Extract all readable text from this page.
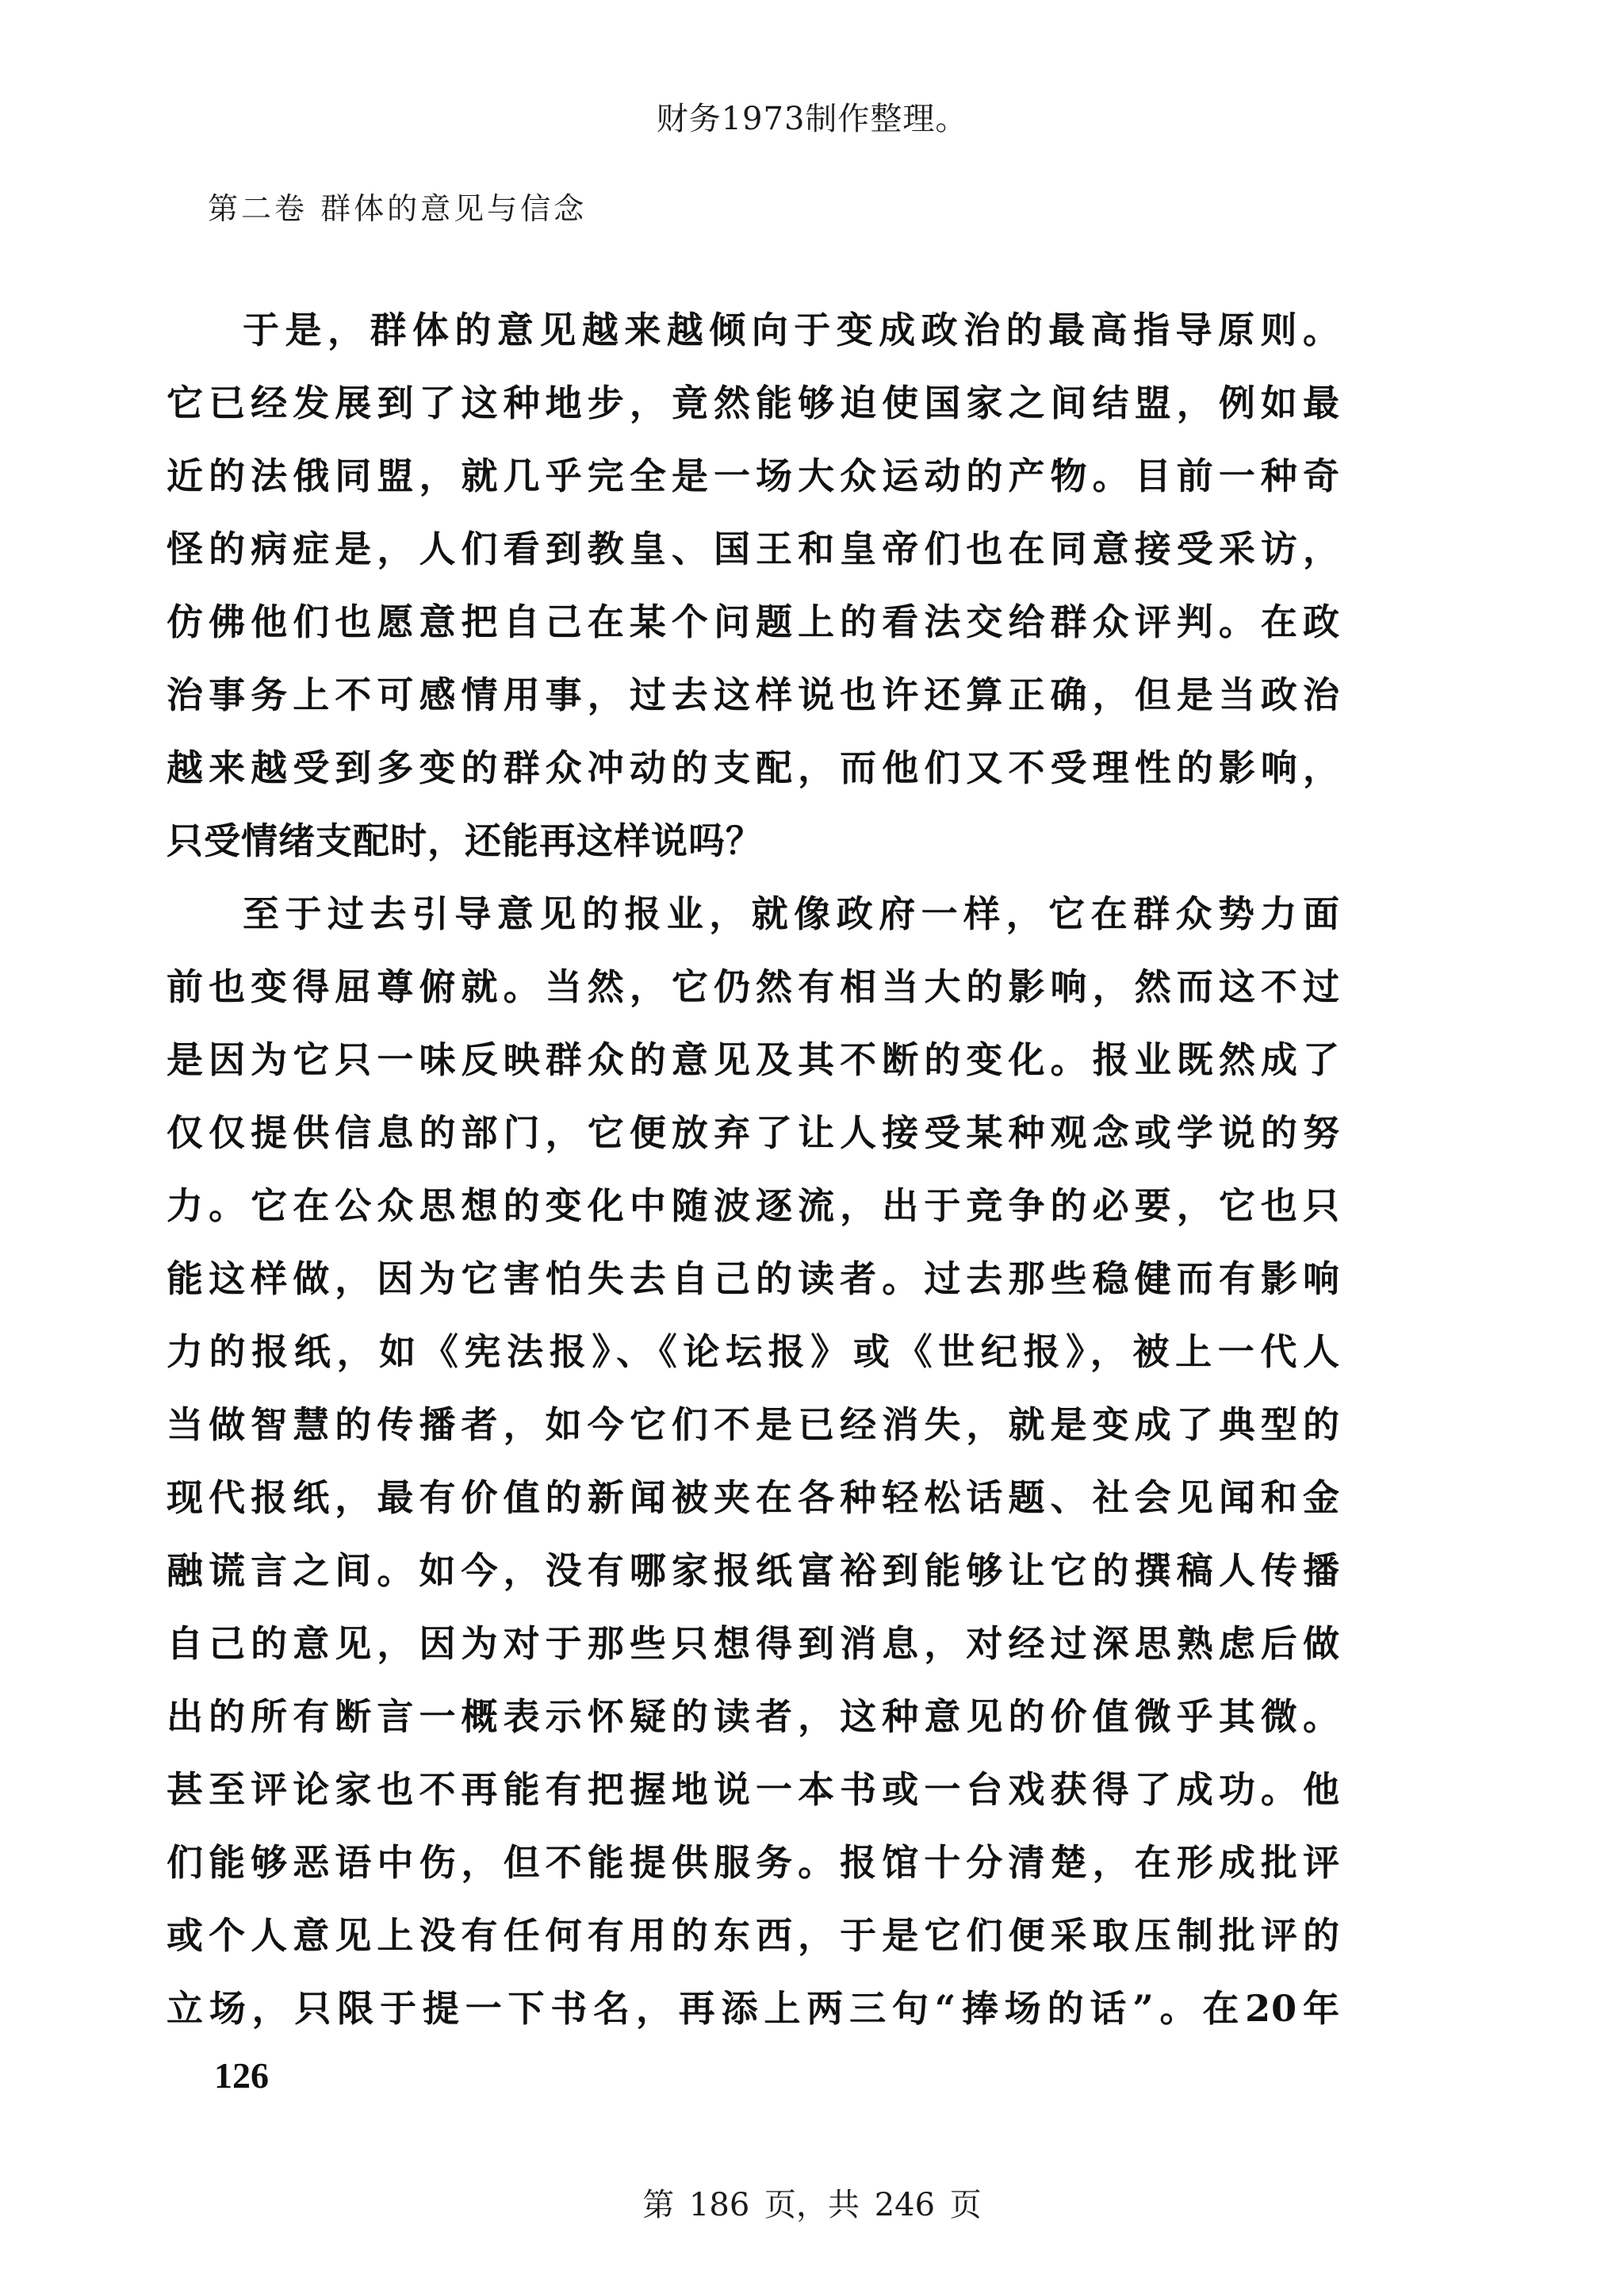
财务1973制作整理。
第二卷 群体的意见与信念
于是，群体的意见越来越倾向于变成政治的最高指导原则。
它已经发展到了这种地步，竟然能够迫使国家之间结盟，例如最
近的法俄同盟，就几乎完全是一场大众运动的产物。目前一种奇
怪的病症是，人们看到教皇、国王和皇帝们也在同意接受采访，
仿佛他们也愿意把自己在某个问题上的看法交给群众评判。在政
治事务上不可感情用事，过去这样说也许还算正确，但是当政治
越来越受到多变的群众冲动的支配，而他们又不受理性的影响，
只受情绪支配时，还能再这样说吗？
至于过去引导意见的报业，就像政府一样，它在群众势力面
前也变得屈尊俯就。当然，它仍然有相当大的影响，然而这不过
是因为它只一味反映群众的意见及其不断的变化。报业既然成了
仅仅提供信息的部门，它便放弃了让人接受某种观念或学说的努
力。它在公众思想的变化中随波逐流，出于竞争的必要，它也只
能这样做，因为它害怕失去自己的读者。过去那些稳健而有影响
力的报纸，如《宪法报》、《论坛报》或《世纪报》，被上一代人
当做智慧的传播者，如今它们不是已经消失，就是变成了典型的
现代报纸，最有价值的新闻被夹在各种轻松话题、社会见闻和金
融谎言之间。如今，没有哪家报纸富裕到能够让它的撰稿人传播
自己的意见，因为对于那些只想得到消息，对经过深思熟虑后做
出的所有断言一概表示怀疑的读者，这种意见的价值微乎其微。
甚至评论家也不再能有把握地说一本书或一台戏获得了成功。他
们能够恶语中伤，但不能提供服务。报馆十分清楚，在形成批评
或个人意见上没有任何有用的东西，于是它们便采取压制批评的
立场，只限于提一下书名，再添上两三句“捧场的话”。在20年
126
第 186 页，共 246 页
